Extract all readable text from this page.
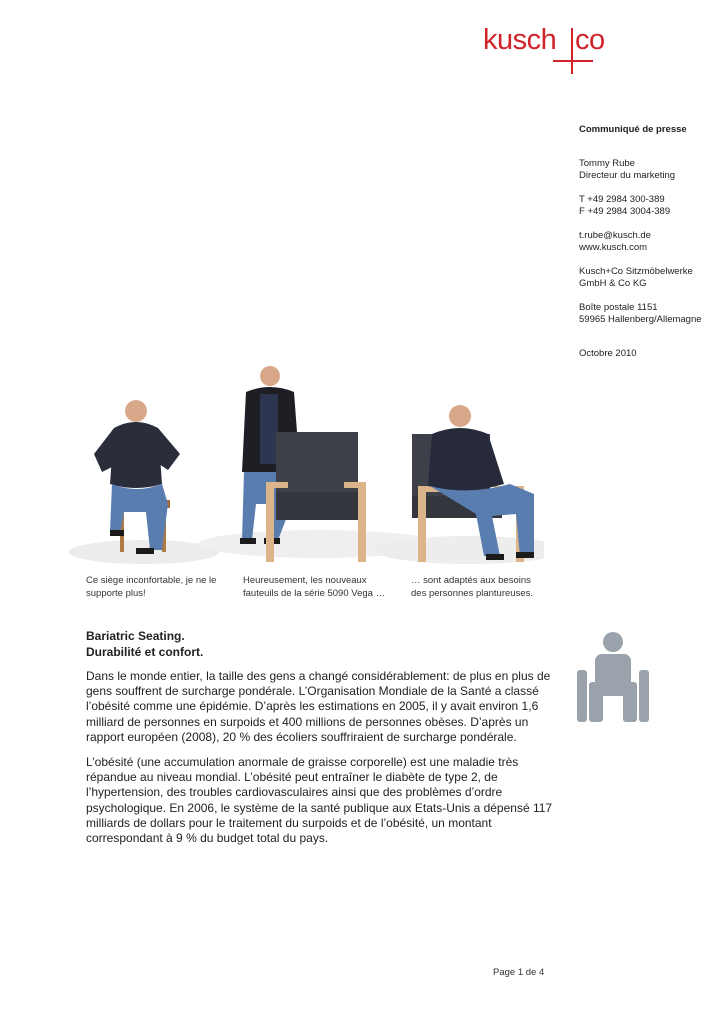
kusch co
Communiqué de presse
Tommy Rube
Directeur du marketing
T +49 2984 300-389
F +49 2984 3004-389
t.rube@kusch.de
www.kusch.com
Kusch+Co Sitzmöbelwerke
GmbH & Co KG
Boîte postale 1151
59965 Hallenberg/Allemagne
Octobre 2010
Ce siège inconfortable, je ne le
supporte plus!
Heureusement, les nouveaux
fauteuils de la série 5090 Vega …
… sont adaptés aux besoins
des personnes plantureuses.
Bariatric Seating.
Durabilité et confort.
Dans le monde entier, la taille des gens a changé considérablement: de plus en plus de
gens souffrent de surcharge pondérale. L’Organisation Mondiale de la Santé a classé
l’obésité comme une épidémie. D’après les estimations en 2005, il y avait environ 1,6
milliard de personnes en surpoids et 400 millions de personnes obèses. D’après un
rapport européen (2008), 20 % des écoliers souffriraient de surcharge pondérale.
L’obésité (une accumulation anormale de graisse corporelle) est une maladie très
répandue au niveau mondial. L’obésité peut entraîner le diabète de type 2, de
l’hypertension, des troubles cardiovasculaires ainsi que des problèmes d’ordre
psychologique. En 2006, le système de la santé publique aux Etats-Unis a dépensé 117
milliards de dollars pour le traitement du surpoids et de l’obésité, un montant
correspondant à 9 % du budget total du pays.
Page 1 de 4
